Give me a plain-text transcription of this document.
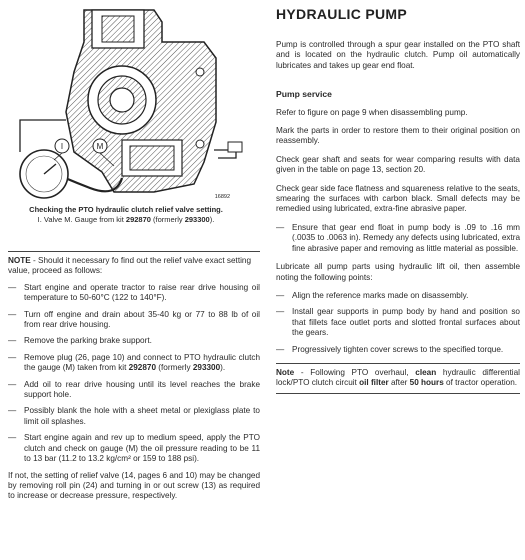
I	M
16892
Checking the PTO hydraulic clutch relief valve setting.
I. Valve M. Gauge from kit 292870 (formerly 293300).

NOTE - Should it necessary fo find out the relief valve exact setting value, proceed as follows:

— Start engine and operate tractor to raise rear drive housing oil temperature to 50-60°C (122 to 140°F).
— Turn off engine and drain about 35-40 kg or 77 to 88 lb of oil from rear drive housing.
— Remove the parking brake support.
— Remove plug (26, page 10) and connect to PTO hydraulic clutch the gauge (M) taken from kit 292870 (formerly 293300).
— Add oil to rear drive housing until its level reaches the brake support hole.
— Possibly blank the hole with a sheet metal or plexiglass plate to limit oil splashes.
— Start engine again and rev up to medium speed, apply the PTO clutch and check on gauge (M) the oil pressure reading to be 11 to 13 bar (11.2 to 13.2 kg/cm² or 159 to 188 psi).

If not, the setting of relief valve (14, pages 6 and 10) may be changed by removing roll pin (24) and turning in or out screw (13) as required to increase or decrease pressure, respectively.

HYDRAULIC PUMP

Pump is controlled through a spur gear installed on the PTO shaft and is located on the hydraulic clutch. Pump oil automatically lubricates and takes up gear end float.

Pump service

Refer to figure on page 9 when disassembling pump.

Mark the parts in order to restore them to their original position on reassembly.

Check gear shaft and seats for wear comparing results with data given in the table on page 13, section 20.

Check gear side face flatness and squareness relative to the seats, smearing the surfaces with carbon black. Small defects may be remedied using lubricated, extra-fine abrasive paper.

— Ensure that gear end float in pump body is .09 to .16 mm (.0035 to .0063 in). Remedy any defects using lubricated, extra fine abrasive paper and removing as little material as possible.

Lubricate all pump parts using hydraulic lift oil, then assemble noting the following points:

— Align the reference marks made on disassembly.
— Install gear supports in pump body by hand and position so that fillets face outlet ports and slotted frontal surfaces about the gears.
— Progressively tighten cover screws to the specified torque.

Note - Following PTO overhaul, clean hydraulic differential lock/PTO clutch circuit oil filter after 50 hours of tractor operation.
